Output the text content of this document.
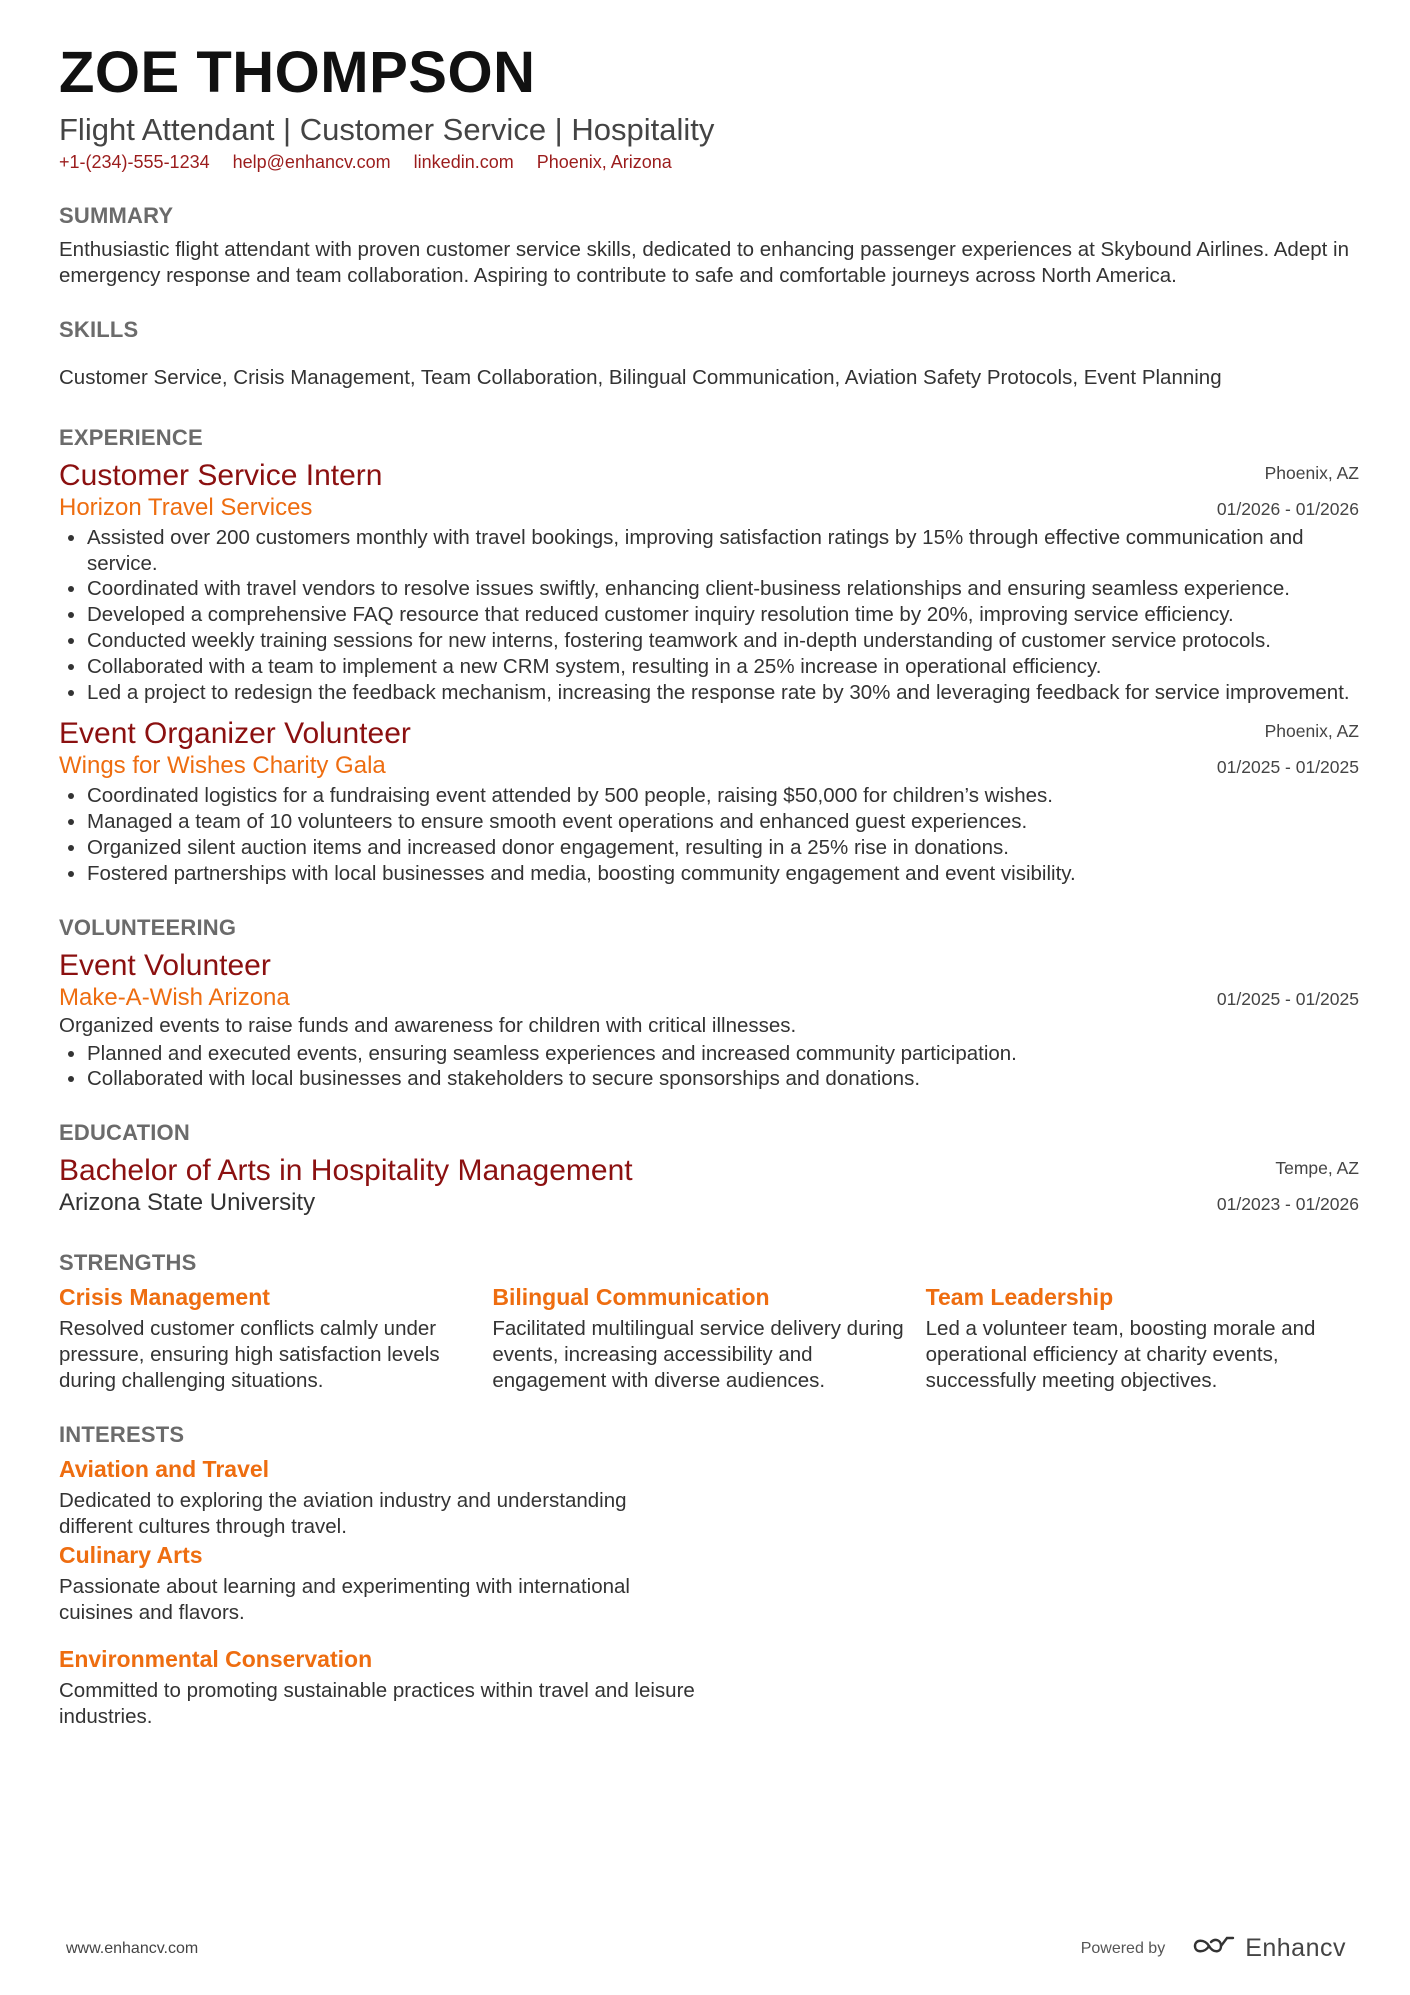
ZOE THOMPSON
Flight Attendant | Customer Service | Hospitality
+1-(234)-555-1234 help@enhancv.com linkedin.com Phoenix, Arizona
SUMMARY
Enthusiastic flight attendant with proven customer service skills, dedicated to enhancing passenger experiences at Skybound Airlines. Adept in emergency response and team collaboration. Aspiring to contribute to safe and comfortable journeys across North America.
SKILLS
Customer Service, Crisis Management, Team Collaboration, Bilingual Communication, Aviation Safety Protocols, Event Planning
EXPERIENCE
Customer Service Intern
Horizon Travel Services
Phoenix, AZ
01/2026 - 01/2026
• Assisted over 200 customers monthly with travel bookings, improving satisfaction ratings by 15% through effective communication and service.
• Coordinated with travel vendors to resolve issues swiftly, enhancing client-business relationships and ensuring seamless experience.
• Developed a comprehensive FAQ resource that reduced customer inquiry resolution time by 20%, improving service efficiency.
• Conducted weekly training sessions for new interns, fostering teamwork and in-depth understanding of customer service protocols.
• Collaborated with a team to implement a new CRM system, resulting in a 25% increase in operational efficiency.
• Led a project to redesign the feedback mechanism, increasing the response rate by 30% and leveraging feedback for service improvement.
Event Organizer Volunteer
Wings for Wishes Charity Gala
Phoenix, AZ
01/2025 - 01/2025
• Coordinated logistics for a fundraising event attended by 500 people, raising $50,000 for children’s wishes.
• Managed a team of 10 volunteers to ensure smooth event operations and enhanced guest experiences.
• Organized silent auction items and increased donor engagement, resulting in a 25% rise in donations.
• Fostered partnerships with local businesses and media, boosting community engagement and event visibility.
VOLUNTEERING
Event Volunteer
Make-A-Wish Arizona	01/2025 - 01/2025
Organized events to raise funds and awareness for children with critical illnesses.
• Planned and executed events, ensuring seamless experiences and increased community participation.
• Collaborated with local businesses and stakeholders to secure sponsorships and donations.
EDUCATION
Bachelor of Arts in Hospitality Management
Arizona State University
Tempe, AZ
01/2023 - 01/2026
STRENGTHS
Crisis Management
Resolved customer conflicts calmly under pressure, ensuring high satisfaction levels during challenging situations.
Bilingual Communication
Facilitated multilingual service delivery during events, increasing accessibility and engagement with diverse audiences.
Team Leadership
Led a volunteer team, boosting morale and operational efficiency at charity events, successfully meeting objectives.
INTERESTS
Aviation and Travel
Dedicated to exploring the aviation industry and understanding different cultures through travel.
Culinary Arts
Passionate about learning and experimenting with international cuisines and flavors.
Environmental Conservation
Committed to promoting sustainable practices within travel and leisure industries.
www.enhancv.com	Powered by	Enhancv
